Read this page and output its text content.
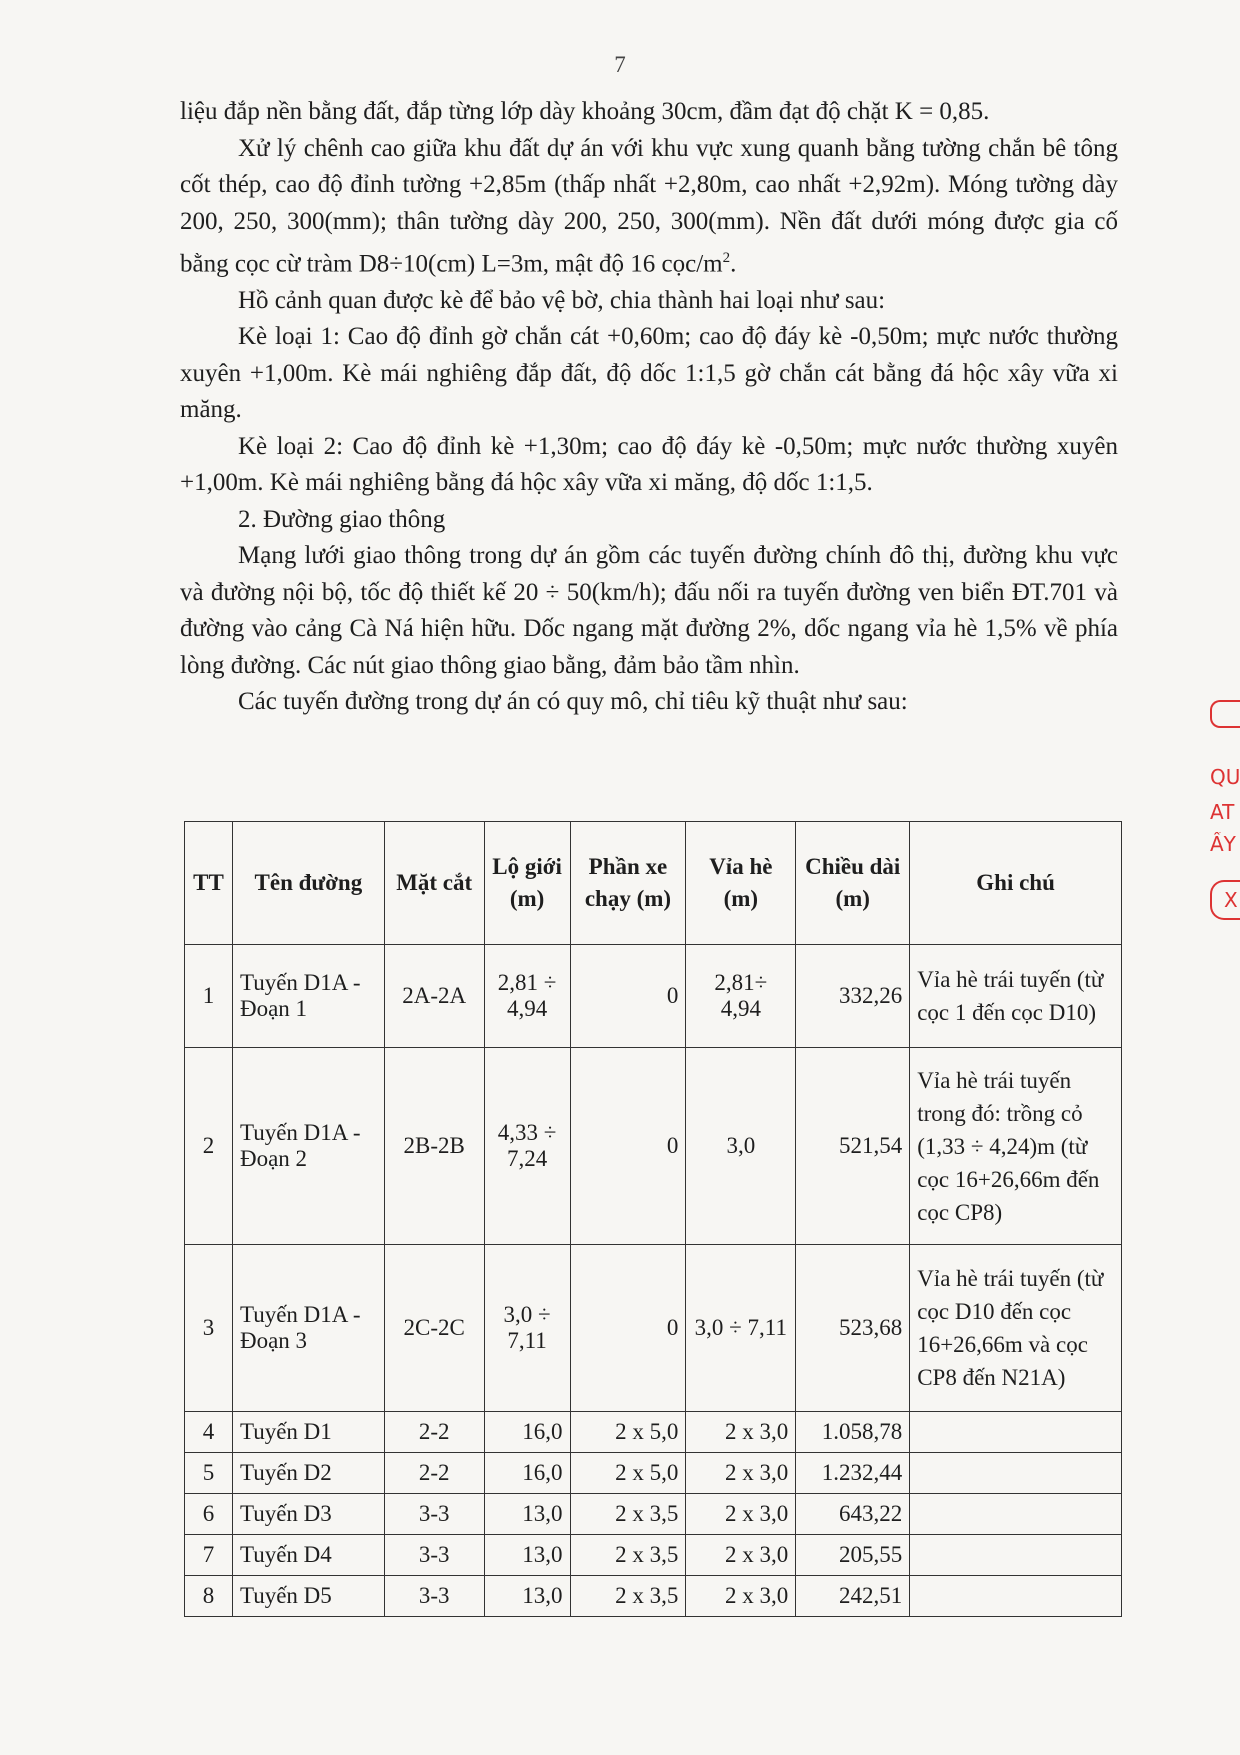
7

liệu đắp nền bằng đất, đắp từng lớp dày khoảng 30cm, đầm đạt độ chặt K = 0,85.

Xử lý chênh cao giữa khu đất dự án với khu vực xung quanh bằng tường chắn bê tông cốt thép, cao độ đỉnh tường +2,85m (thấp nhất +2,80m, cao nhất +2,92m). Móng tường dày 200, 250, 300(mm); thân tường dày 200, 250, 300(mm). Nền đất dưới móng được gia cố bằng cọc cừ tràm D8÷10(cm) L=3m, mật độ 16 cọc/$m^2$.

Hồ cảnh quan được kè để bảo vệ bờ, chia thành hai loại như sau:

Kè loại 1: Cao độ đỉnh gờ chắn cát +0,60m; cao độ đáy kè -0,50m; mực nước thường xuyên +1,00m. Kè mái nghiêng đắp đất, độ dốc 1:1,5 gờ chắn cát bằng đá hộc xây vữa xi măng.

Kè loại 2: Cao độ đỉnh kè +1,30m; cao độ đáy kè -0,50m; mực nước thường xuyên +1,00m. Kè mái nghiêng bằng đá hộc xây vữa xi măng, độ dốc 1:1,5.

2. Đường giao thông

Mạng lưới giao thông trong dự án gồm các tuyến đường chính đô thị, đường khu vực và đường nội bộ, tốc độ thiết kế 20 ÷ 50(km/h); đấu nối ra tuyến đường ven biển ĐT.701 và đường vào cảng Cà Ná hiện hữu. Dốc ngang mặt đường 2%, dốc ngang vỉa hè 1,5% về phía lòng đường. Các nút giao thông giao bằng, đảm bảo tầm nhìn.

Các tuyến đường trong dự án có quy mô, chỉ tiêu kỹ thuật như sau:

TT	Tên đường	Mặt cắt	Lộ giới (m)	Phần xe chạy (m)	Vỉa hè (m)	Chiều dài (m)	Ghi chú
1	Tuyến D1A - Đoạn 1	2A-2A	2,81 ÷ 4,94	0	2,81÷ 4,94	332,26	Vỉa hè trái tuyến (từ cọc 1 đến cọc D10)
2	Tuyến D1A - Đoạn 2	2B-2B	4,33 ÷ 7,24	0	3,0	521,54	Vỉa hè trái tuyến trong đó: trồng cỏ (1,33 ÷ 4,24)m (từ cọc 16+26,66m đến cọc CP8)
3	Tuyến D1A - Đoạn 3	2C-2C	3,0 ÷ 7,11	0	3,0 ÷ 7,11	523,68	Vỉa hè trái tuyến (từ cọc D10 đến cọc 16+26,66m và cọc CP8 đến N21A)
4	Tuyến D1	2-2	16,0	2 x 5,0	2 x 3,0	1.058,78	
5	Tuyến D2	2-2	16,0	2 x 5,0	2 x 3,0	1.232,44	
6	Tuyến D3	3-3	13,0	2 x 3,5	2 x 3,0	643,22	
7	Tuyến D4	3-3	13,0	2 x 3,5	2 x 3,0	205,55	
8	Tuyến D5	3-3	13,0	2 x 3,5	2 x 3,0	242,51	
QU
AT
ẤY
X
